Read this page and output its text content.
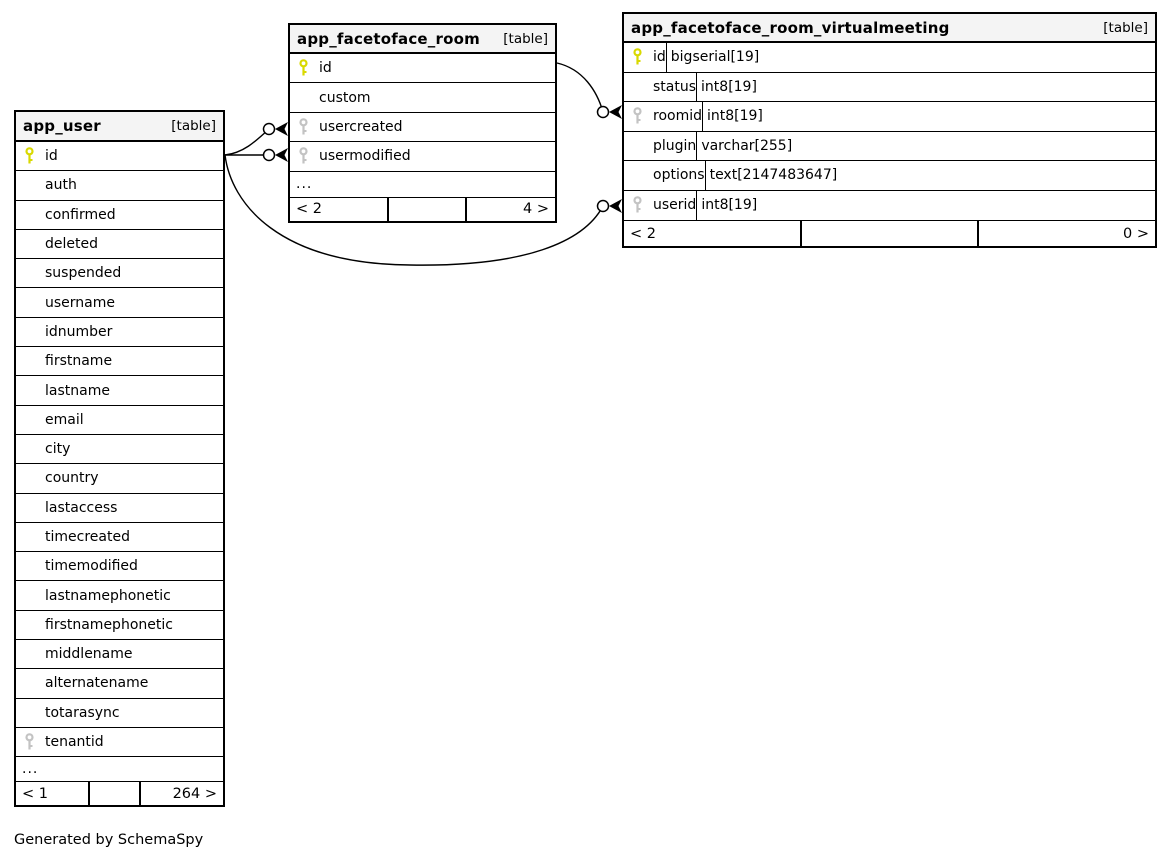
app_user	[table]
id
auth
confirmed
deleted
suspended
username
idnumber
firstname
lastname
email
city
country
lastaccess
timecreated
timemodified
lastnamephonetic
firstnamephonetic
middlename
alternatename
totarasync
tenantid
...
< 1	264 >
app_facetoface_room [table]
id
custom
usercreated
usermodified
...
< 2	4 >
app_facetoface_room_virtualmeeting	[table]
id bigserial[19]
status int8[19]
roomid int8[19]
plugin varchar[255]
options text[2147483647]
userid int8[19]
< 2	0 >
Generated by SchemaSpy
